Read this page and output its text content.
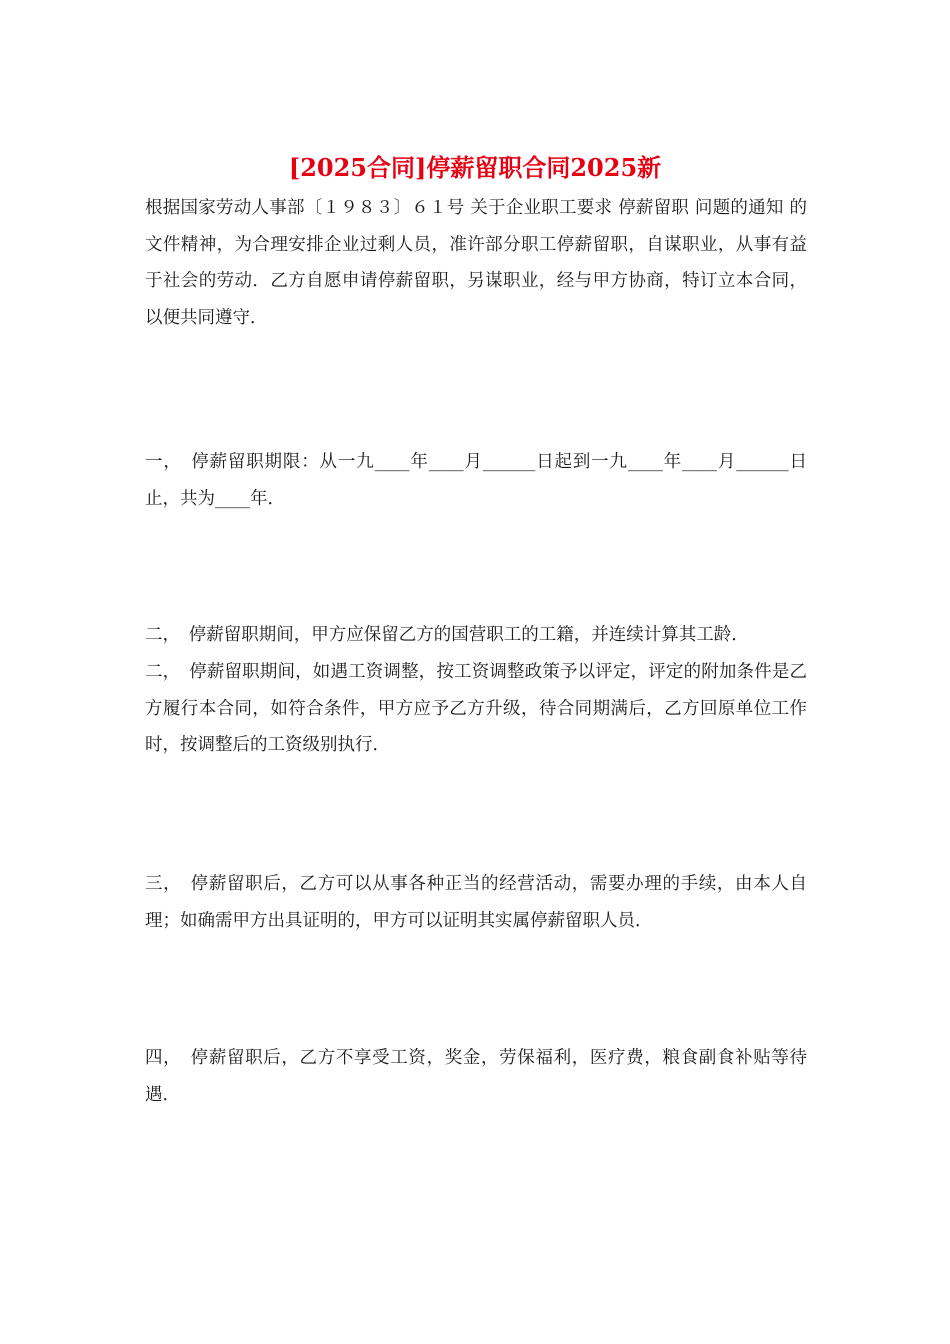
[2025合同]停薪留职合同2025新
根据国家劳动人事部〔１９８３〕６１号 关于企业职工要求 停薪留职 问题的通知 的文件精神，为合理安排企业过剩人员，准许部分职工停薪留职，自谋职业，从事有益于社会的劳动．乙方自愿申请停薪留职，另谋职业，经与甲方协商，特订立本合同，以便共同遵守．
一，　停薪留职期限：从一九____年____月______日起到一九____年____月______日止，共为____年．
二，　停薪留职期间，甲方应保留乙方的国营职工的工籍，并连续计算其工龄．
二，　停薪留职期间，如遇工资调整，按工资调整政策予以评定，评定的附加条件是乙方履行本合同，如符合条件，甲方应予乙方升级，待合同期满后，乙方回原单位工作时，按调整后的工资级别执行．
三，　停薪留职后，乙方可以从事各种正当的经营活动，需要办理的手续，由本人自理；如确需甲方出具证明的，甲方可以证明其实属停薪留职人员．
四，　停薪留职后，乙方不享受工资，奖金，劳保福利，医疗费，粮食副食补贴等待遇．
